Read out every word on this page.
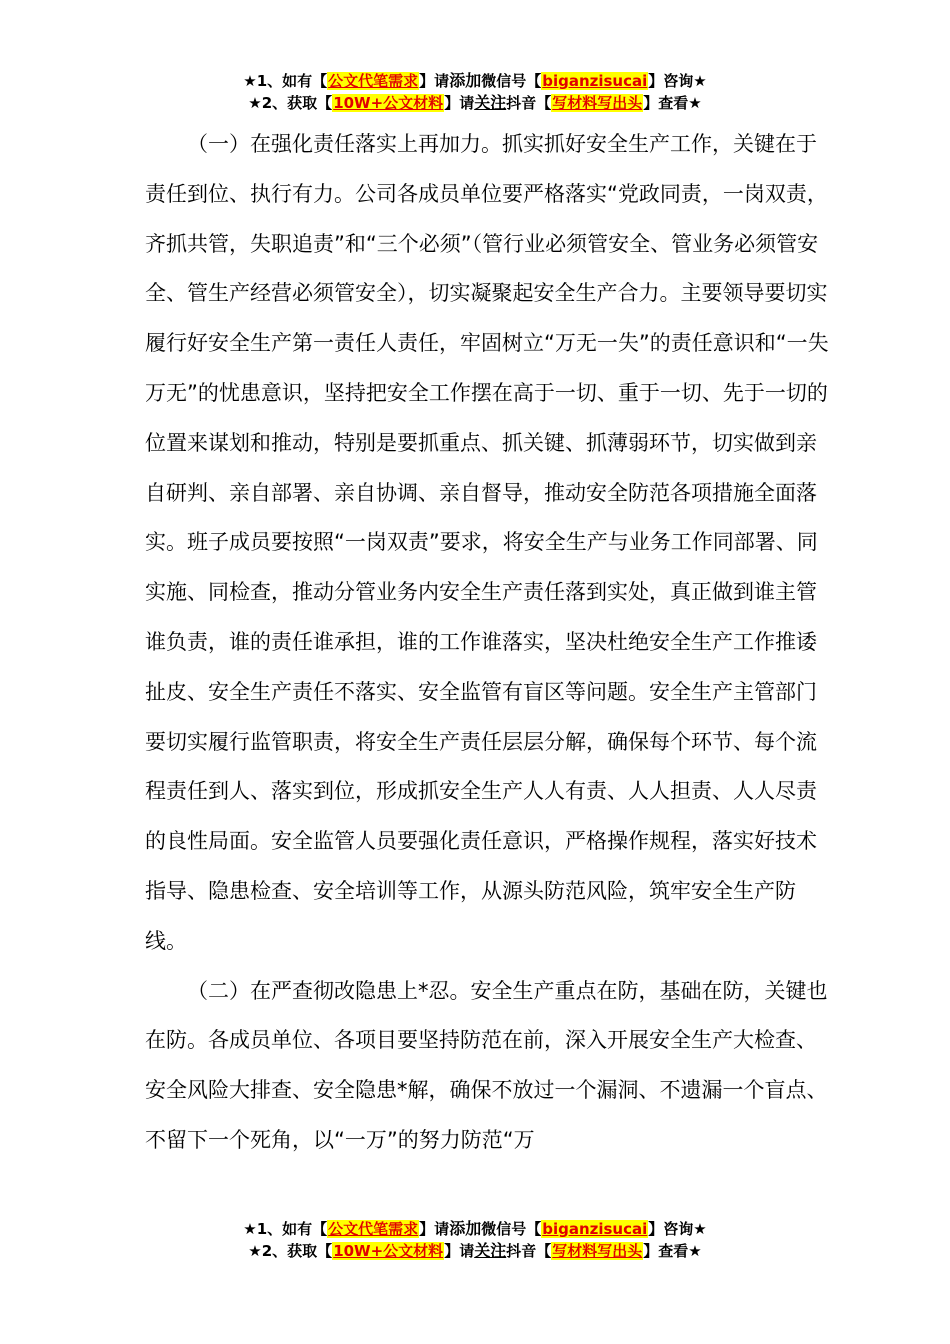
★1、如有【公文代笔需求】请添加微信号【biganzisucai】咨询★
★2、获取【10W+公文材料】请关注抖音【写材料写出头】查看★

（一）在强化责任落实上再加力。抓实抓好安全生产工作，关键在于责任到位、执行有力。公司各成员单位要严格落实“党政同责，一岗双责，齐抓共管，失职追责”和“三个必须”（管行业必须管安全、管业务必须管安全、管生产经营必须管安全），切实凝聚起安全生产合力。主要领导要切实履行好安全生产第一责任人责任，牢固树立“万无一失”的责任意识和“一失万无”的忧患意识，坚持把安全工作摆在高于一切、重于一切、先于一切的位置来谋划和推动，特别是要抓重点、抓关键、抓薄弱环节，切实做到亲自研判、亲自部署、亲自协调、亲自督导，推动安全防范各项措施全面落实。班子成员要按照“一岗双责”要求，将安全生产与业务工作同部署、同实施、同检查，推动分管业务内安全生产责任落到实处，真正做到谁主管谁负责，谁的责任谁承担，谁的工作谁落实，坚决杜绝安全生产工作推诿扯皮、安全生产责任不落实、安全监管有盲区等问题。安全生产主管部门要切实履行监管职责，将安全生产责任层层分解，确保每个环节、每个流程责任到人、落实到位，形成抓安全生产人人有责、人人担责、人人尽责的良性局面。安全监管人员要强化责任意识，严格操作规程，落实好技术指导、隐患检查、安全培训等工作，从源头防范风险，筑牢安全生产防线。

（二）在严查彻改隐患上*忍。安全生产重点在防，基础在防，关键也在防。各成员单位、各项目要坚持防范在前，深入开展安全生产大检查、安全风险大排查、安全隐患*解，确保不放过一个漏洞、不遗漏一个盲点、不留下一个死角，以“一万”的努力防范“万

★1、如有【公文代笔需求】请添加微信号【biganzisucai】咨询★
★2、获取【10W+公文材料】请关注抖音【写材料写出头】查看★
